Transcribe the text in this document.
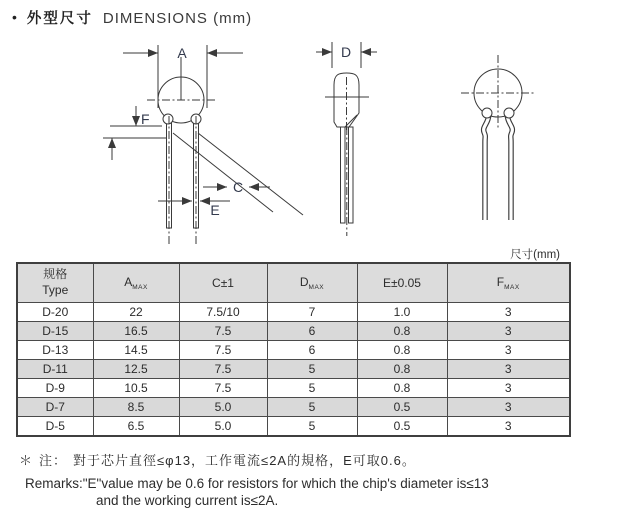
• 外型尺寸 DIMENSIONS (mm)
A
F
C
E
D
尺寸(mm)
规格
Type	$A_{MAX}$	C±1	$D_{MAX}$	E±0.05	$F_{MAX}$
D-20	22	7.5/10	7	1.0	3
D-15	16.5	7.5	6	0.8	3
D-13	14.5	7.5	6	0.8	3
D-11	12.5	7.5	5	0.8	3
D-9	10.5	7.5	5	0.8	3
D-7	8.5	5.0	5	0.5	3
D-5	6.5	5.0	5	0.5	3
＊ 注： 對于芯片直徑≤φ13，工作電流≤2A的規格，E可取0.6。
Remarks:"E"value may be 0.6 for resistors for which the chip's diameter is≤13
and the working current is≤2A.
